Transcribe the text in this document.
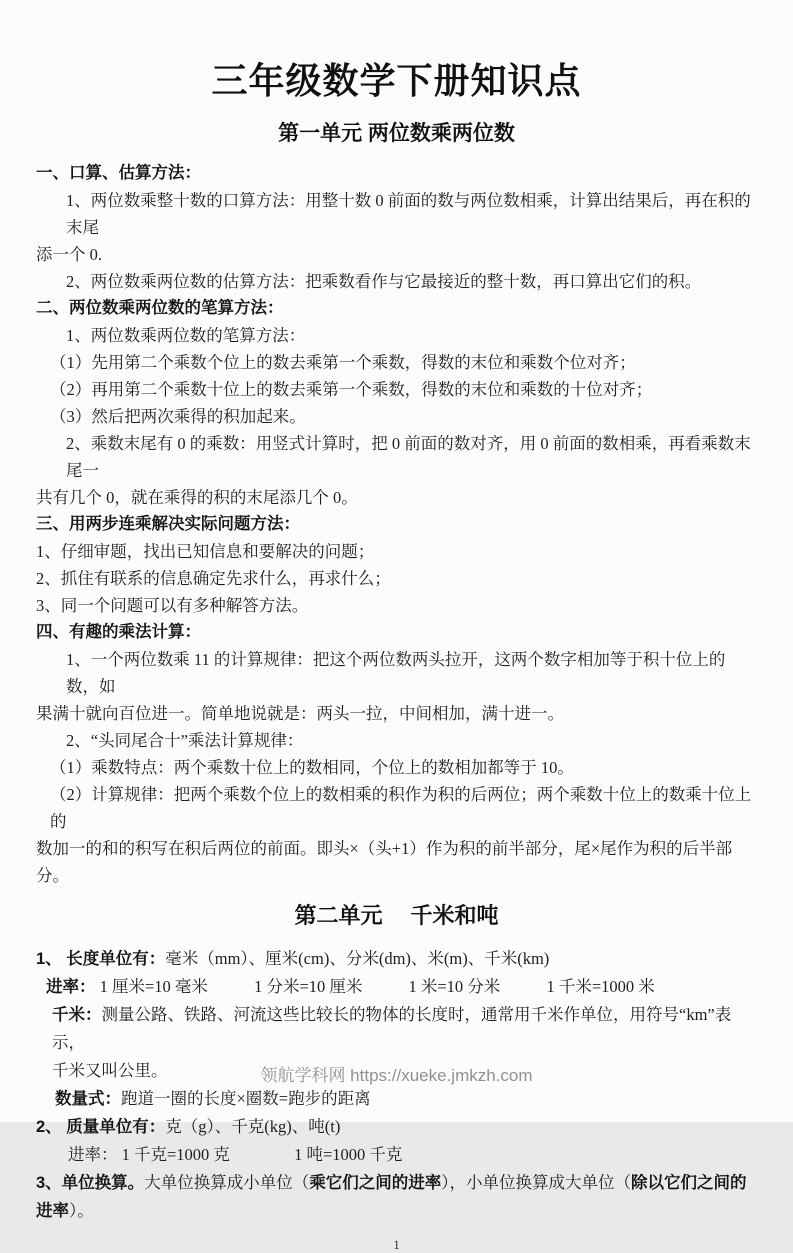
三年级数学下册知识点
第一单元 两位数乘两位数
一、口算、估算方法：
1、两位数乘整十数的口算方法：用整十数 0 前面的数与两位数相乘，计算出结果后，再在积的末尾
添一个 0.
2、两位数乘两位数的估算方法：把乘数看作与它最接近的整十数，再口算出它们的积。
二、两位数乘两位数的笔算方法：
1、两位数乘两位数的笔算方法：
（1）先用第二个乘数个位上的数去乘第一个乘数，得数的末位和乘数个位对齐；
（2）再用第二个乘数十位上的数去乘第一个乘数，得数的末位和乘数的十位对齐；
（3）然后把两次乘得的积加起来。
2、乘数末尾有 0 的乘数：用竖式计算时，把 0 前面的数对齐，用 0 前面的数相乘，再看乘数末尾一
共有几个 0，就在乘得的积的末尾添几个 0。
三、用两步连乘解决实际问题方法：
1、仔细审题，找出已知信息和要解决的问题；
2、抓住有联系的信息确定先求什么，再求什么；
3、同一个问题可以有多种解答方法。
四、有趣的乘法计算：
1、一个两位数乘 11 的计算规律：把这个两位数两头拉开，这两个数字相加等于积十位上的数，如
果满十就向百位进一。简单地说就是：两头一拉，中间相加，满十进一。
2、“头同尾合十”乘法计算规律：
（1）乘数特点：两个乘数十位上的数相同，个位上的数相加都等于 10。
（2）计算规律：把两个乘数个位上的数相乘的积作为积的后两位；两个乘数十位上的数乘十位上的
数加一的和的积写在积后两位的前面。即头×（头+1）作为积的前半部分，尾×尾作为积的后半部分。
第二单元　 千米和吨
1、 长度单位有：毫米（mm）、厘米(cm)、分米(dm)、米(m)、千米(km)
进率： 1 厘米=10 毫米	1 分米=10 厘米	1 米=10 分米	1 千米=1000 米
千米：测量公路、铁路、河流这些比较长的物体的长度时，通常用千米作单位，用符号“km”表示，
千米又叫公里。
数量式：跑道一圈的长度×圈数=跑步的距离
2、 质量单位有：克（g）、千克(kg)、吨(t)
进率： 1 千克=1000 克	1 吨=1000 千克
3、单位换算。大单位换算成小单位（乘它们之间的进率），小单位换算成大单位（除以它们之间的进率）。
1
领航学科网 https://xueke.jmkzh.com
